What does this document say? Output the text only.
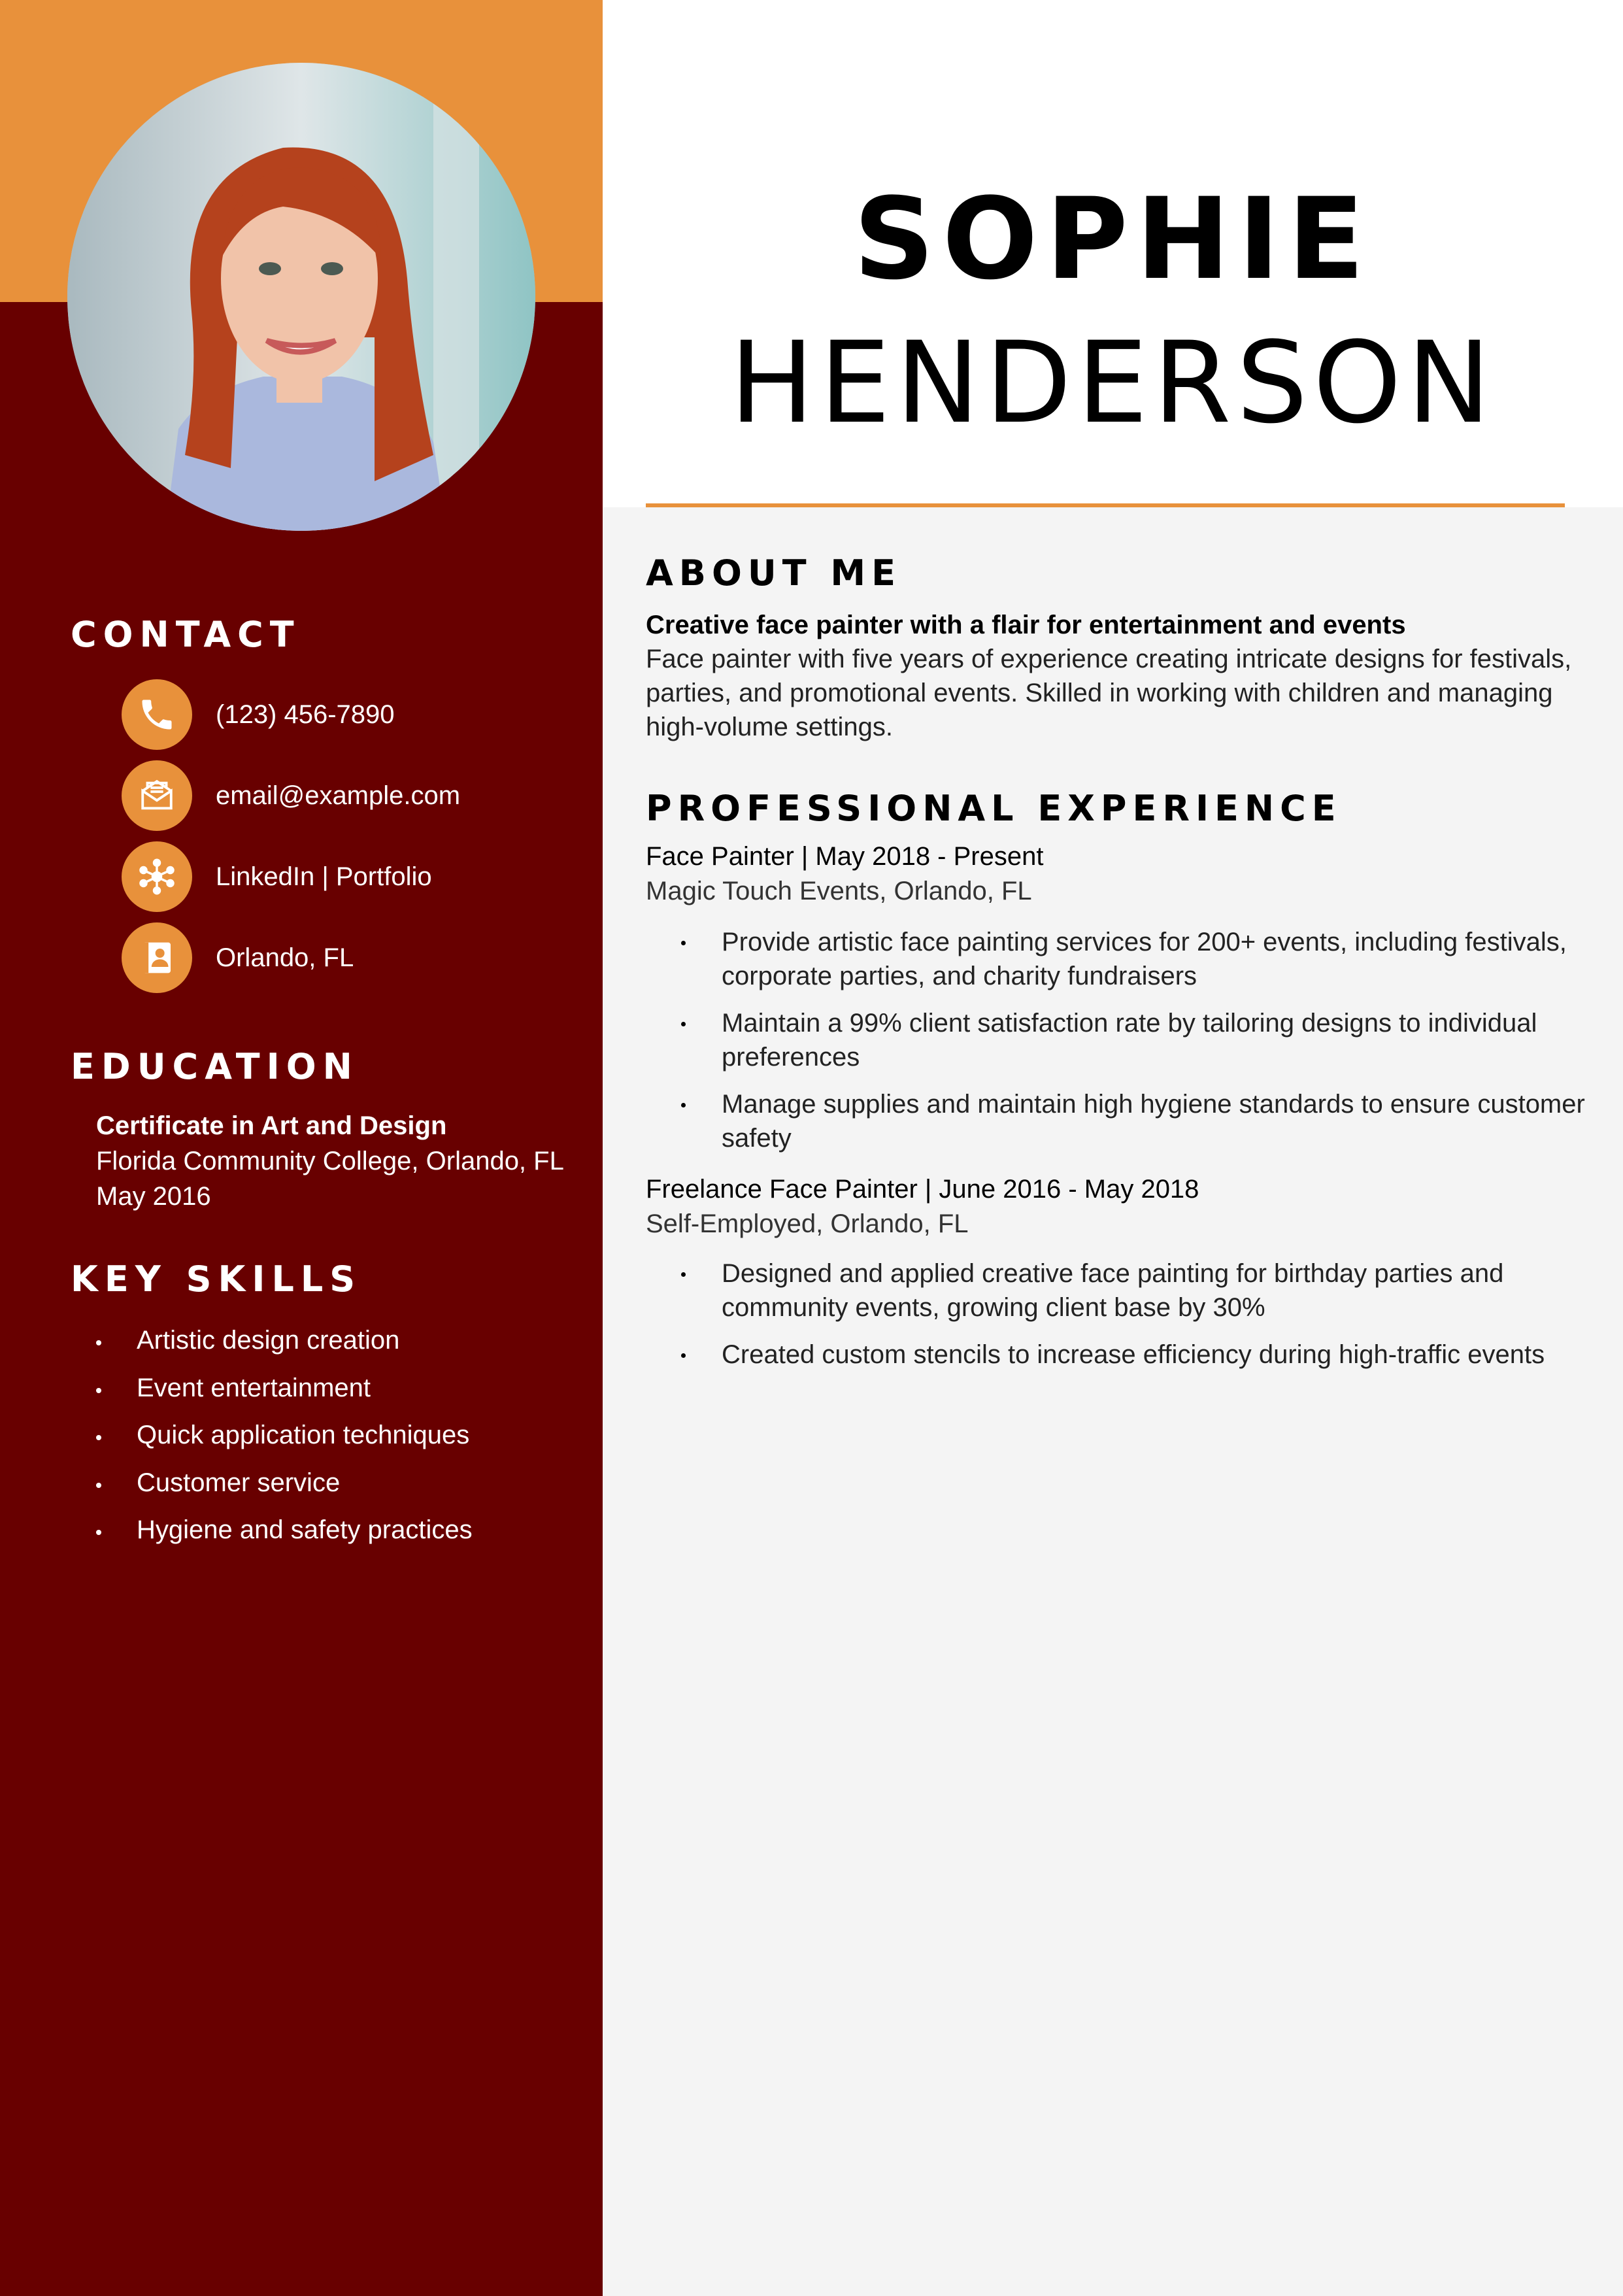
CONTACT
(123) 456-7890
email@example.com
LinkedIn | Portfolio
Orlando, FL
EDUCATION
Certificate in Art and Design
Florida Community College, Orlando, FL
May 2016
KEY SKILLS
Artistic design creation
Event entertainment
Quick application techniques
Customer service
Hygiene and safety practices
SOPHIE
HENDERSON
ABOUT ME
Creative face painter with a flair for entertainment and events
Face painter with five years of experience creating intricate designs for festivals, parties, and promotional events. Skilled in working with children and managing high-volume settings.
PROFESSIONAL EXPERIENCE
Face Painter | May 2018 - Present
Magic Touch Events, Orlando, FL
Provide artistic face painting services for 200+ events, including festivals, corporate parties, and charity fundraisers
Maintain a 99% client satisfaction rate by tailoring designs to individual preferences
Manage supplies and maintain high hygiene standards to ensure customer safety
Freelance Face Painter | June 2016 - May 2018
Self-Employed, Orlando, FL
Designed and applied creative face painting for birthday parties and community events, growing client base by 30%
Created custom stencils to increase efficiency during high-traffic events
